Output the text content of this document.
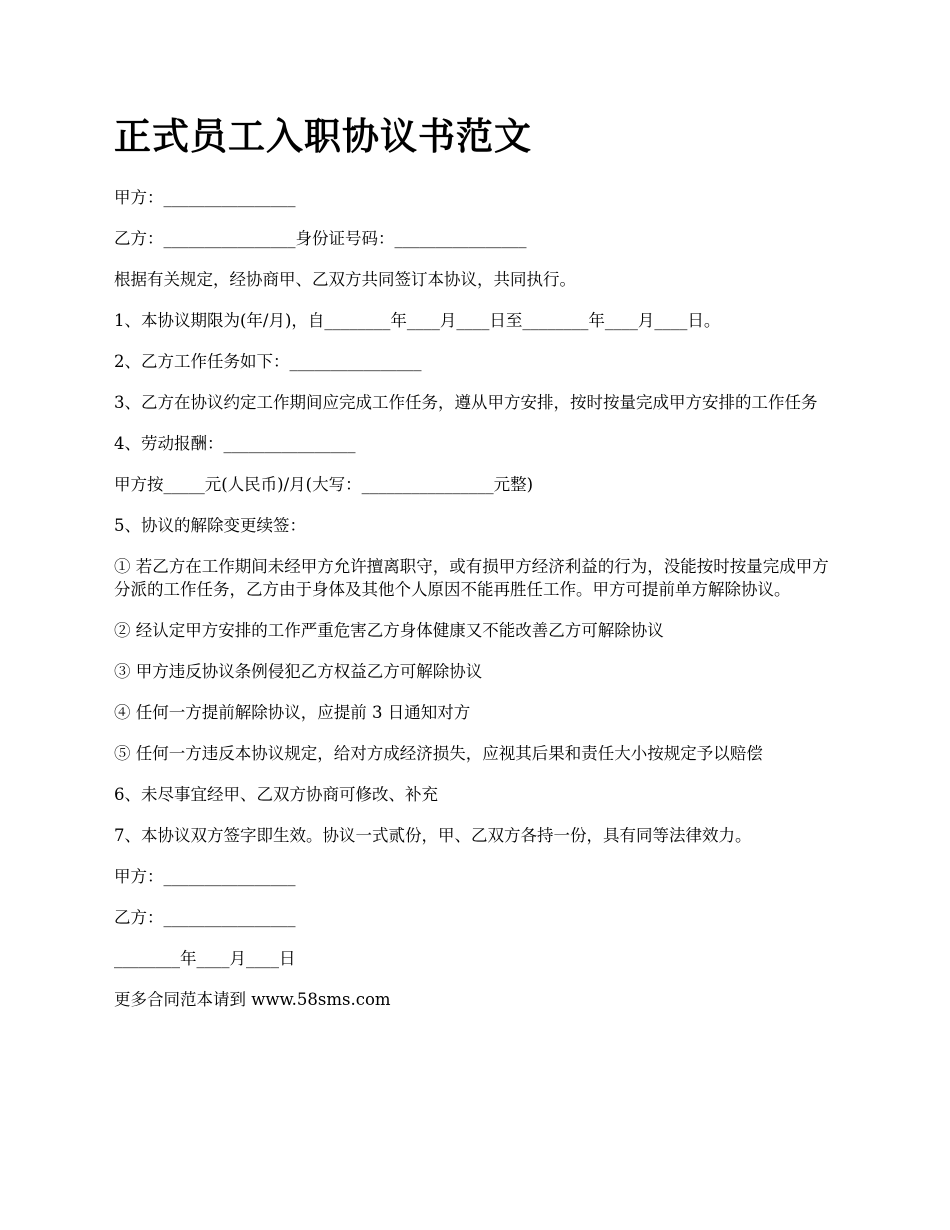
正式员工入职协议书范文

甲方：________________

乙方：________________身份证号码：________________

根据有关规定，经协商甲、乙双方共同签订本协议，共同执行。

1、本协议期限为(年/月)，自________年____月____日至________年____月____日。

2、乙方工作任务如下：________________

3、乙方在协议约定工作期间应完成工作任务，遵从甲方安排，按时按量完成甲方安排的工作任务

4、劳动报酬：________________

甲方按_____元(人民币)/月(大写：________________元整)

5、协议的解除变更续签：

① 若乙方在工作期间未经甲方允许擅离职守，或有损甲方经济利益的行为，没能按时按量完成甲方分派的工作任务，乙方由于身体及其他个人原因不能再胜任工作。甲方可提前单方解除协议。

② 经认定甲方安排的工作严重危害乙方身体健康又不能改善乙方可解除协议

③ 甲方违反协议条例侵犯乙方权益乙方可解除协议

④ 任何一方提前解除协议，应提前 3 日通知对方

⑤ 任何一方违反本协议规定，给对方成经济损失，应视其后果和责任大小按规定予以赔偿

6、未尽事宜经甲、乙双方协商可修改、补充

7、本协议双方签字即生效。协议一式贰份，甲、乙双方各持一份，具有同等法律效力。

甲方：________________

乙方：________________

________年____月____日

更多合同范本请到 www.58sms.com
